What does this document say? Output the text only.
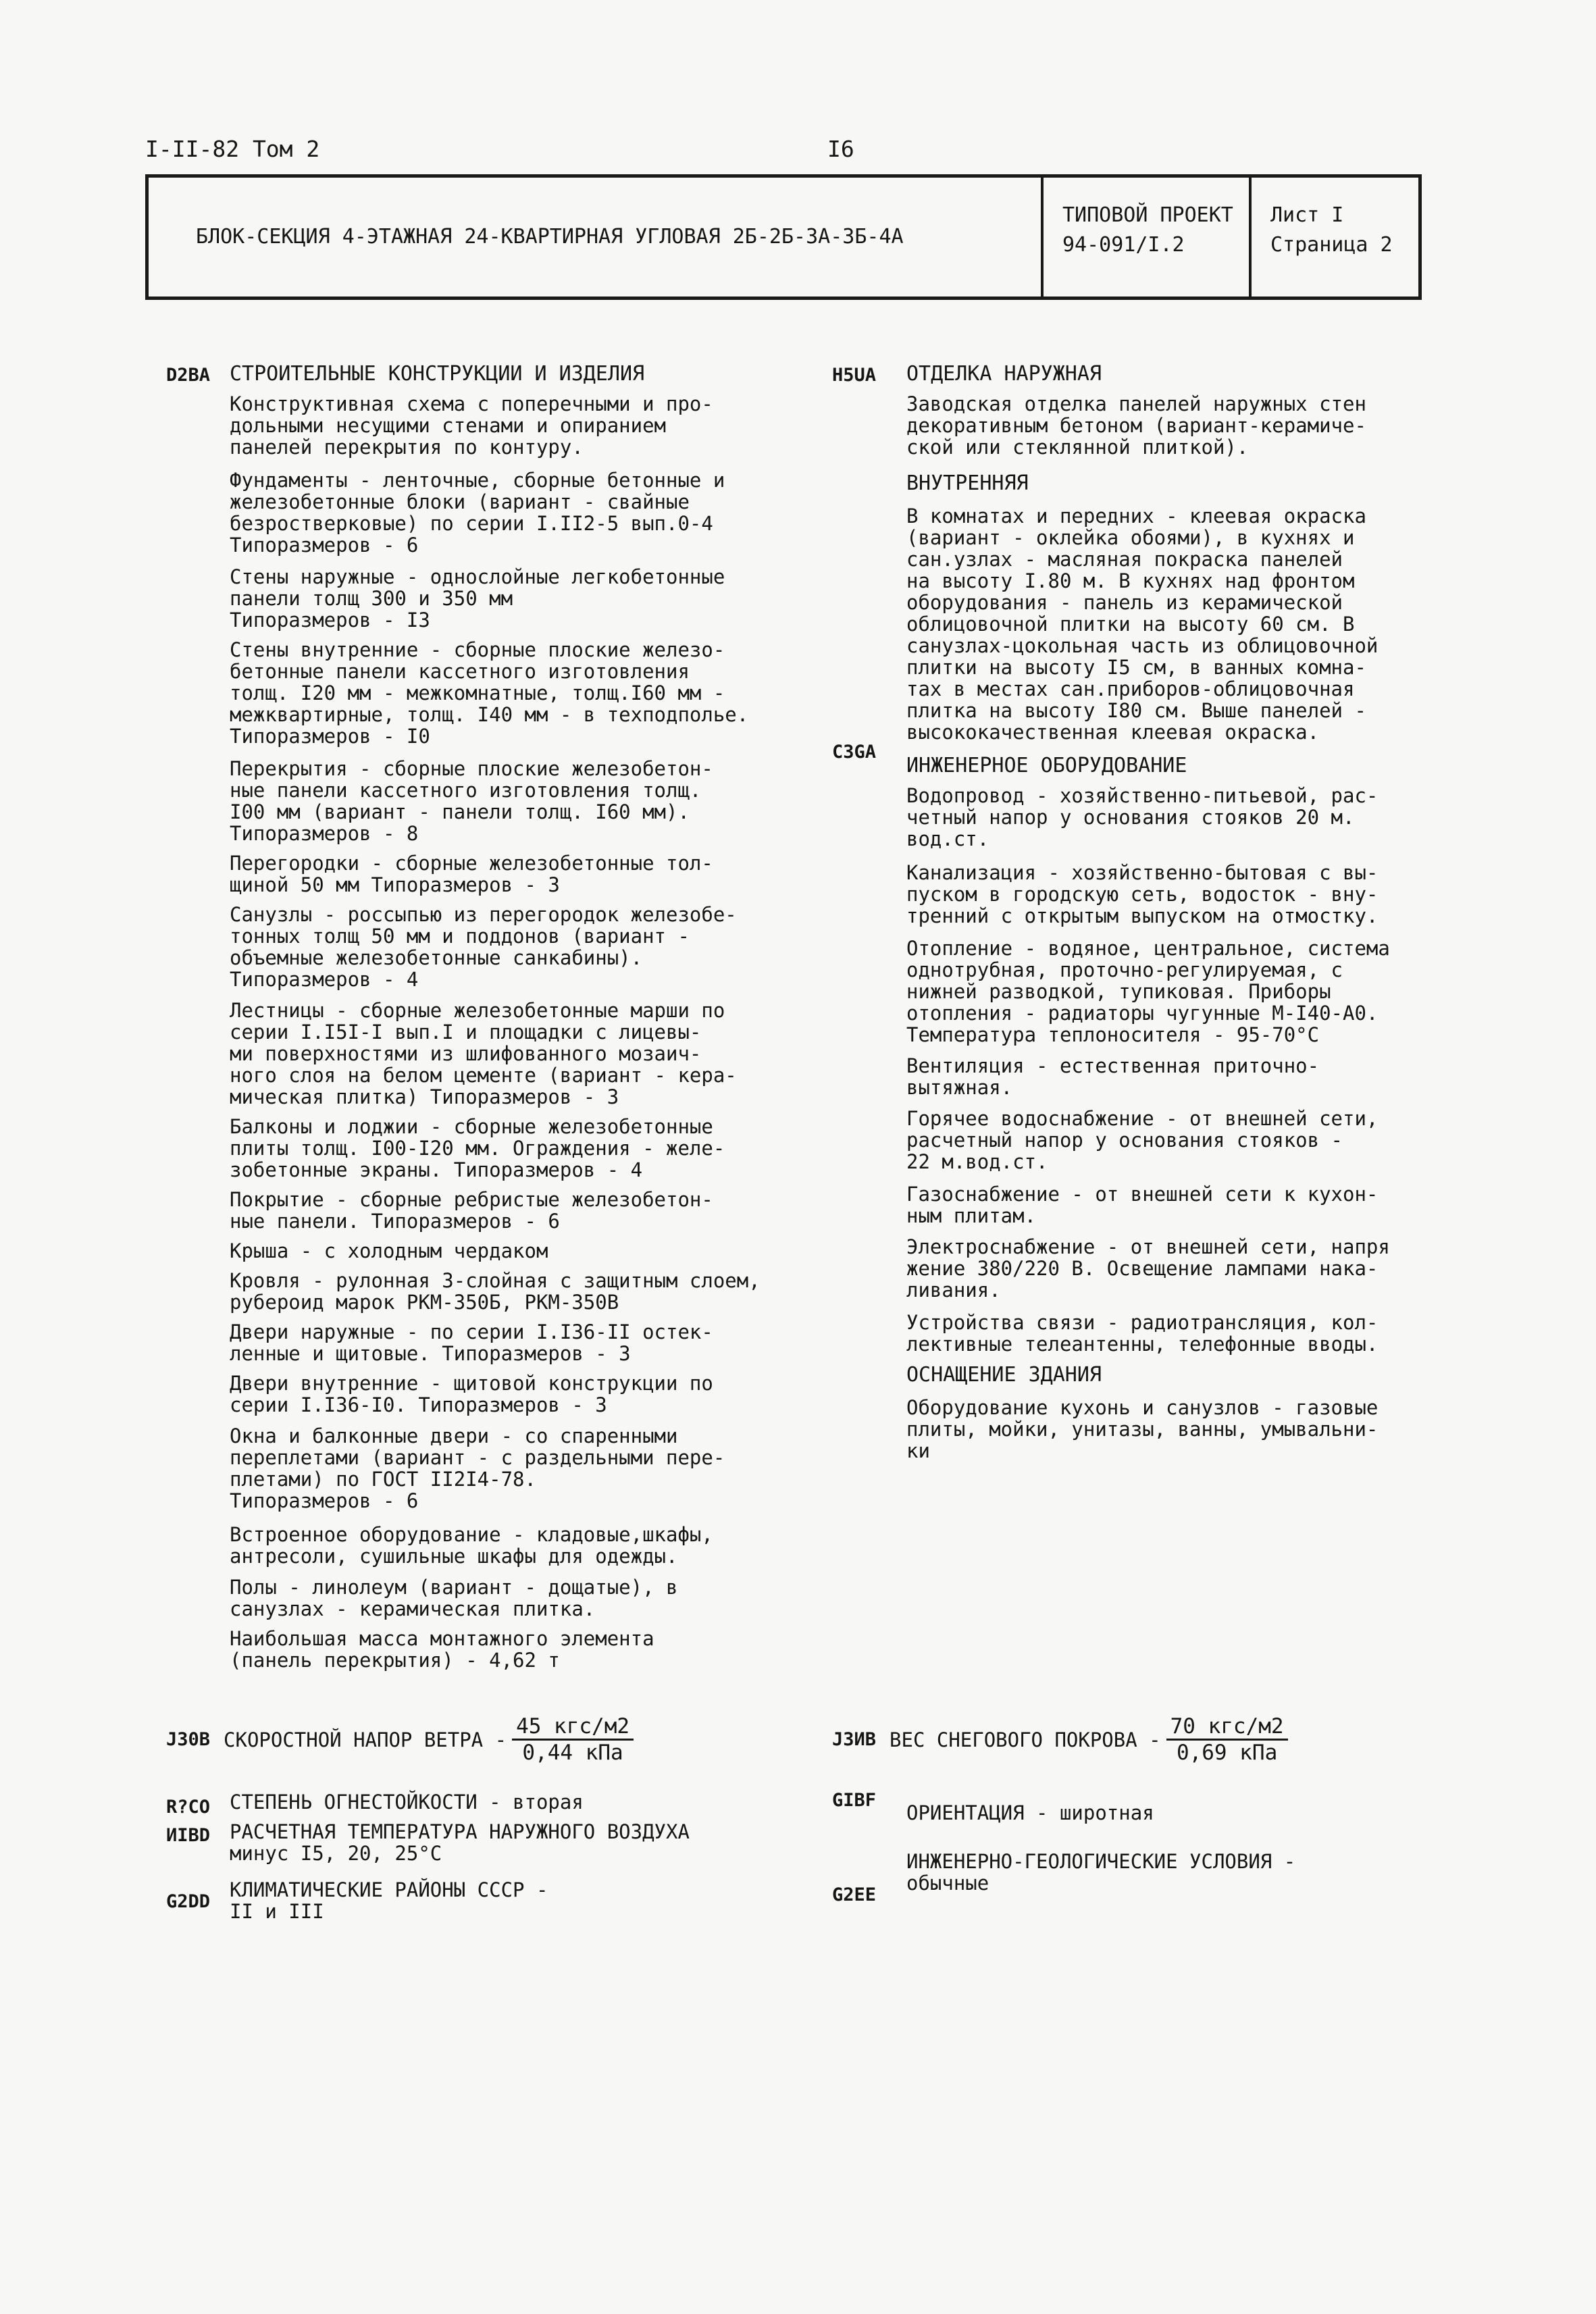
I-II-82 Том 2	I6
БЛОК-СЕКЦИЯ 4-ЭТАЖНАЯ 24-КВАРТИРНАЯ УГЛОВАЯ 2Б-2Б-3А-3Б-4А
ТИПОВОЙ ПРОЕКТ
94-091/I.2
Лист I
Страница 2
D2BA СТРОИТЕЛЬНЫЕ КОНСТРУКЦИИ И ИЗДЕЛИЯ
Конструктивная схема с поперечными и про-
дольными несущими стенами и опиранием
панелей перекрытия по контуру.
Фундаменты - ленточные, сборные бетонные и
железобетонные блоки (вариант - свайные
безростверковые) по серии I.II2-5 вып.0-4
Типоразмеров - 6
Стены наружные - однослойные легкобетонные
панели толщ 300 и 350 мм
Типоразмеров - I3
Стены внутренние - сборные плоские железо-
бетонные панели кассетного изготовления
толщ. I20 мм - межкомнатные, толщ.I60 мм -
межквартирные, толщ. I40 мм - в техподполье.
Типоразмеров - I0
Перекрытия - сборные плоские железобетон-
ные панели кассетного изготовления толщ.
I00 мм (вариант - панели толщ. I60 мм).
Типоразмеров - 8
Перегородки - сборные железобетонные тол-
щиной 50 мм Типоразмеров - 3
Санузлы - россыпью из перегородок железобе-
тонных толщ 50 мм и поддонов (вариант -
объемные железобетонные санкабины).
Типоразмеров - 4
Лестницы - сборные железобетонные марши по
серии I.I5I-I вып.I и площадки с лицевы-
ми поверхностями из шлифованного мозаич-
ного слоя на белом цементе (вариант - кера-
мическая плитка) Типоразмеров - 3
Балконы и лоджии - сборные железобетонные
плиты толщ. I00-I20 мм. Ограждения - желе-
зобетонные экраны. Типоразмеров - 4
Покрытие - сборные ребристые железобетон-
ные панели. Типоразмеров - 6
Крыша - с холодным чердаком
Кровля - рулонная 3-слойная с защитным слоем,
рубероид марок РКМ-350Б, РКМ-350В
Двери наружные - по серии I.I36-II остек-
ленные и щитовые. Типоразмеров - 3
Двери внутренние - щитовой конструкции по
серии I.I36-I0. Типоразмеров - 3
Окна и балконные двери - со спаренными
переплетами (вариант - с раздельными пере-
плетами) по ГОСТ II2I4-78.
Типоразмеров - 6
Встроенное оборудование - кладовые,шкафы,
антресоли, сушильные шкафы для одежды.
Полы - линолеум (вариант - дощатые), в
санузлах - керамическая плитка.
Наибольшая масса монтажного элемента
(панель перекрытия) - 4,62 т
H5UA ОТДЕЛКА НАРУЖНАЯ
Заводская отделка панелей наружных стен
декоративным бетоном (вариант-керамиче-
ской или стеклянной плиткой).
ВНУТРЕННЯЯ
В комнатах и передних - клеевая окраска
(вариант - оклейка обоями), в кухнях и
сан.узлах - масляная покраска панелей
на высоту I.80 м. В кухнях над фронтом
оборудования - панель из керамической
облицовочной плитки на высоту 60 см. В
санузлах-цокольная часть из облицовочной
плитки на высоту I5 см, в ванных комна-
тах в местах сан.приборов-облицовочная
плитка на высоту I80 см. Выше панелей -
высококачественная клеевая окраска.
C3GA
ИНЖЕНЕРНОЕ ОБОРУДОВАНИЕ
Водопровод - хозяйственно-питьевой, рас-
четный напор у основания стояков 20 м.
вод.ст.
Канализация - хозяйственно-бытовая с вы-
пуском в городскую сеть, водосток - вну-
тренний с открытым выпуском на отмостку.
Отопление - водяное, центральное, система
однотрубная, проточно-регулируемая, с
нижней разводкой, тупиковая. Приборы
отопления - радиаторы чугунные М-I40-А0.
Температура теплоносителя - 95-70°С
Вентиляция - естественная приточно-
вытяжная.
Горячее водоснабжение - от внешней сети,
расчетный напор у основания стояков -
22 м.вод.ст.
Газоснабжение - от внешней сети к кухон-
ным плитам.
Электроснабжение - от внешней сети, напря
жение 380/220 В. Освещение лампами нака-
ливания.
Устройства связи - радиотрансляция, кол-
лективные телеантенны, телефонные вводы.
ОСНАЩЕНИЕ ЗДАНИЯ
Оборудование кухонь и санузлов - газовые
плиты, мойки, унитазы, ванны, умывальни-
ки
J30B СКОРОСТНОЙ НАПОР ВЕТРА - $\frac{\text{45 кгс/м2}}{\text{0,44 кПа}}$	J3ИВ ВЕС СНЕГОВОГО ПОКРОВА - $\frac{\text{70 кгс/м2}}{\text{0,69 кПа}}$
R?CO СТЕПЕНЬ ОГНЕСТОЙКОСТИ - вторая
ИIBD РАСЧЕТНАЯ ТЕМПЕРАТУРА НАРУЖНОГО ВОЗДУХА
минус I5, 20, 25°С
G2DD
КЛИМАТИЧЕСКИЕ РАЙОНЫ СССР -
II и III
GIBF
ОРИЕНТАЦИЯ - широтная
G2EE
ИНЖЕНЕРНО-ГЕОЛОГИЧЕСКИЕ УСЛОВИЯ -
обычные
